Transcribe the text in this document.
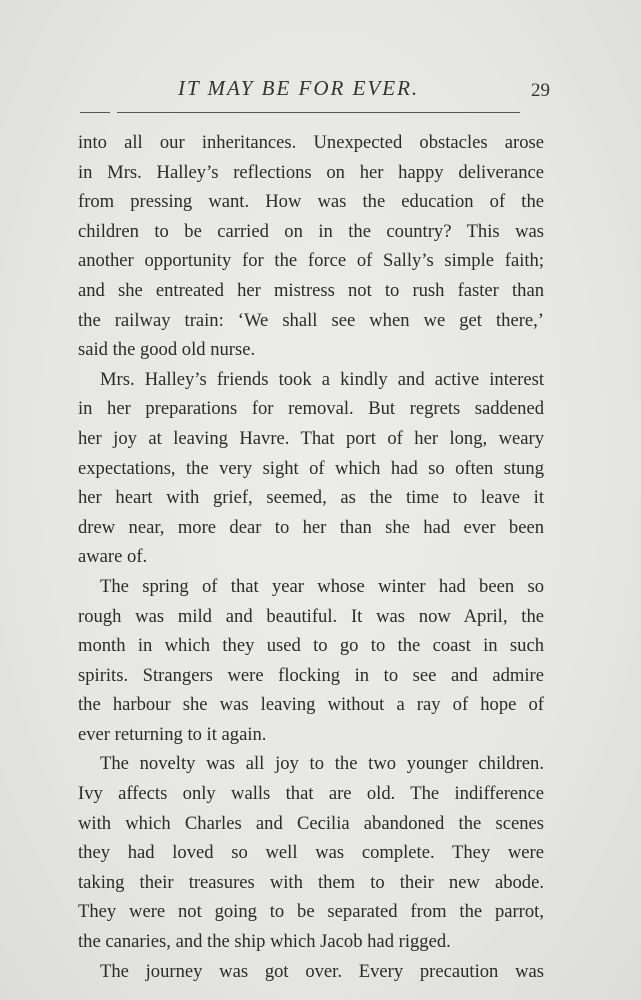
IT MAY BE FOR EVER.	29
into all our inheritances. Unexpected obstacles arose
in Mrs. Halley’s reflections on her happy deliverance
from pressing want. How was the education of the
children to be carried on in the country? This was
another opportunity for the force of Sally’s simple faith;
and she entreated her mistress not to rush faster than
the railway train: ‘We shall see when we get there,’
said the good old nurse.
Mrs. Halley’s friends took a kindly and active interest
in her preparations for removal. But regrets saddened
her joy at leaving Havre. That port of her long, weary
expectations, the very sight of which had so often stung
her heart with grief, seemed, as the time to leave it
drew near, more dear to her than she had ever been
aware of.
The spring of that year whose winter had been so
rough was mild and beautiful. It was now April, the
month in which they used to go to the coast in such
spirits. Strangers were flocking in to see and admire
the harbour she was leaving without a ray of hope of
ever returning to it again.
The novelty was all joy to the two younger children.
Ivy affects only walls that are old. The indifference
with which Charles and Cecilia abandoned the scenes
they had loved so well was complete. They were
taking their treasures with them to their new abode.
They were not going to be separated from the parrot,
the canaries, and the ship which Jacob had rigged.
The journey was got over. Every precaution was
